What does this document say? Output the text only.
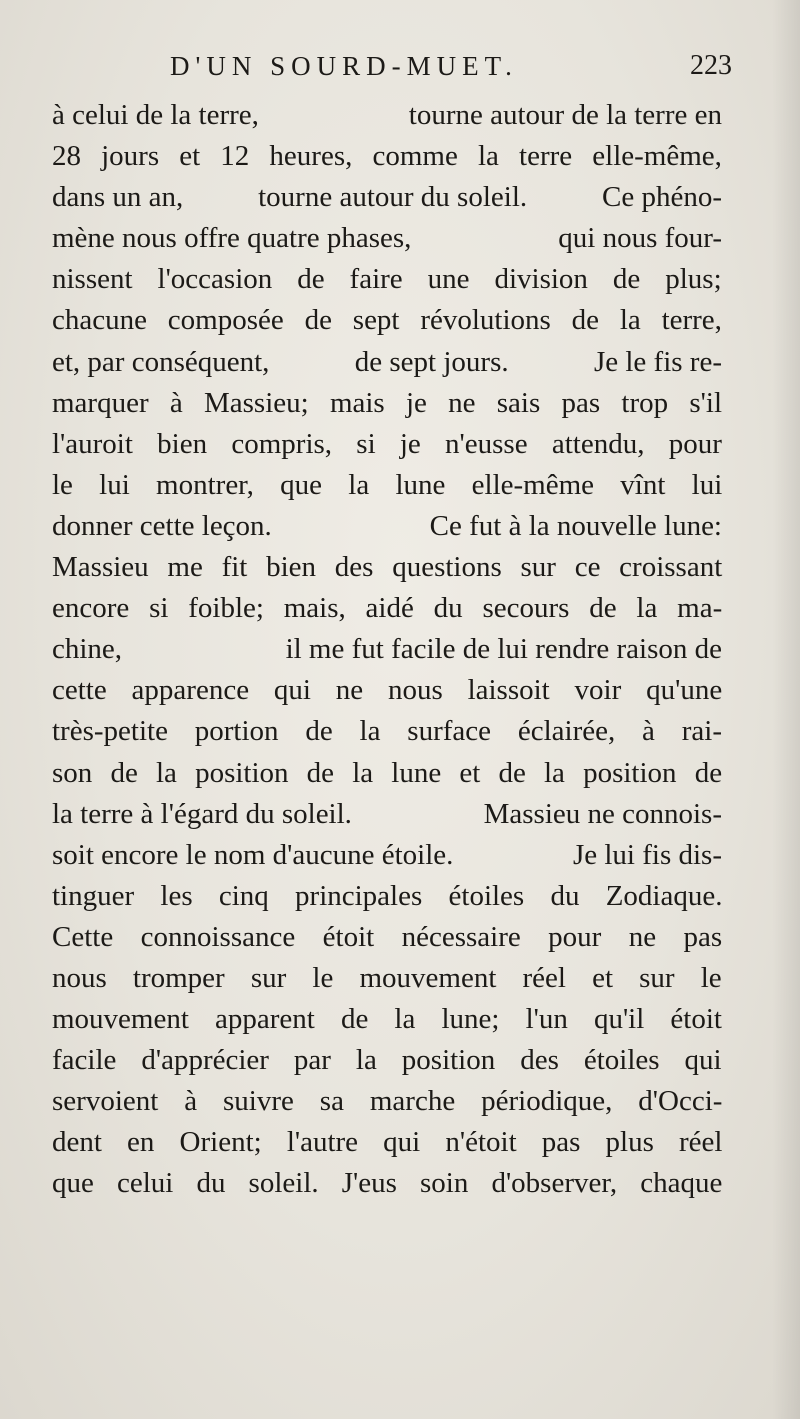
D'UN SOURD-MUET.	223
à celui de la terre,	tourne autour de la terre en
28 jours et 12 heures, comme la terre elle-même,
dans un an,	tourne autour du soleil.	Ce phéno-
mène nous offre quatre phases,	qui nous four-
nissent l'occasion de faire une division de plus;
chacune composée de sept révolutions de la terre,
et, par conséquent,	de sept jours.	Je le fis re-
marquer à Massieu; mais je ne sais pas trop s'il
l'auroit bien compris, si je n'eusse attendu, pour
le lui montrer, que la lune elle-même vînt lui
donner cette leçon.	Ce fut à la nouvelle lune:
Massieu me fit bien des questions sur ce croissant
encore si foible; mais, aidé du secours de la ma-
chine,	il me fut facile de lui rendre raison de
cette apparence qui ne nous laissoit voir qu'une
très-petite portion de la surface éclairée, à rai-
son de la position de la lune et de la position de
la terre à l'égard du soleil.	Massieu ne connois-
soit encore le nom d'aucune étoile.	Je lui fis dis-
tinguer les cinq principales étoiles du Zodiaque.
Cette connoissance étoit nécessaire pour ne pas
nous tromper sur le mouvement réel et sur le
mouvement apparent de la lune; l'un qu'il étoit
facile d'apprécier par la position des étoiles qui
servoient à suivre sa marche périodique, d'Occi-
dent en Orient; l'autre qui n'étoit pas plus réel
que celui du soleil. J'eus soin d'observer, chaque
